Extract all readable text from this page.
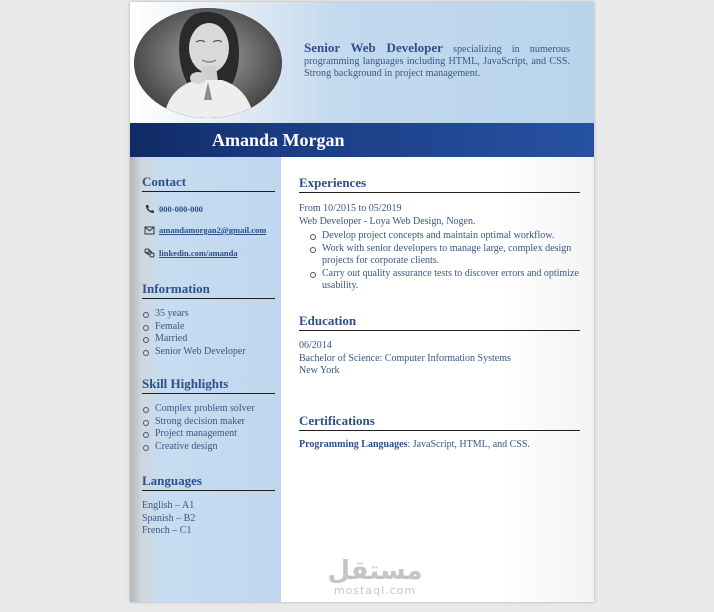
Senior Web Developer specializing in numerous programming languages including HTML, JavaScript, and CSS. Strong background in project management.
Amanda Morgan
Contact
000-000-000
amandamorgan2@gmail.com
linkedin.com/amanda
Information
35 years
Female
Married
Senior Web Developer
Skill Highlights
Complex problem solver
Strong decision maker
Project management
Creative design
Languages
English – A1
Spanish – B2
French – C1
Experiences
From 10/2015 to 05/2019
Web Developer - Loya Web Design, Nogen.
Develop project concepts and maintain optimal workflow.
Work with senior developers to manage large, complex design projects for corporate clients.
Carry out quality assurance tests to discover errors and optimize usability.
Education
06/2014
Bachelor of Science: Computer Information Systems
New York
Certifications
Programming Languages: JavaScript, HTML, and CSS.
مستقل
mostaql.com
